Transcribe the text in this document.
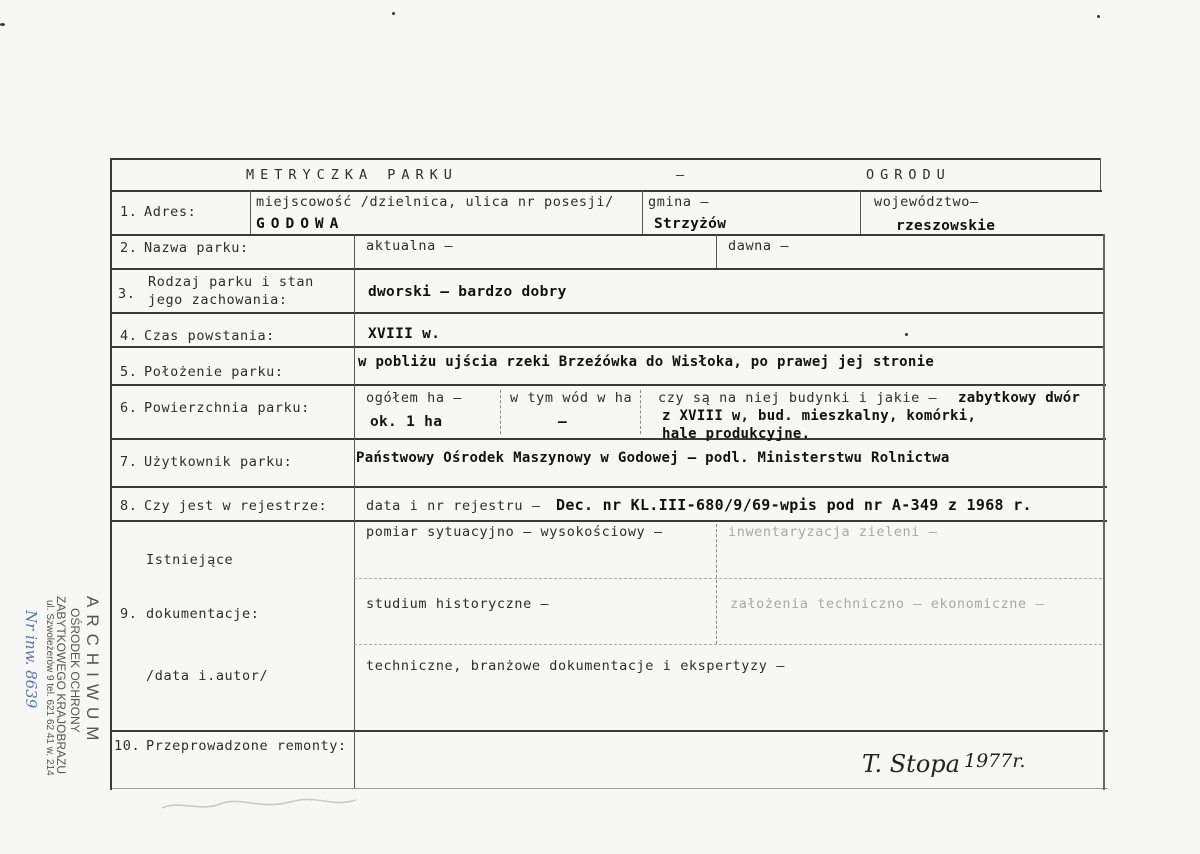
METRYCZKA PARKU	–	OGRODU
1. Adres:
miejscowość /dzielnica, ulica nr posesji/
GODOWA
gmina –
Strzyżów
województwo–
rzeszowskie
2. Nazwa parku:	aktualna –	dawna –
3.
Rodzaj parku i stan
jego zachowania:	dworski – bardzo dobry
4. Czas powstania:	XVIII w.
5. Położenie parku:
w pobliżu ujścia rzeki Brzeźówka do Wisłoka, po prawej jej stronie
6. Powierzchnia parku:
ogółem ha –
ok. 1 ha
w tym wód w ha
–
czy są na niej budynki i jakie – zabytkowy dwór
z XVIII w, bud. mieszkalny, komórki,
hale produkcyjne.
7. Użytkownik parku:	Państwowy Ośrodek Maszynowy w Godowej – podl. Ministerstwu Rolnictwa
8. Czy jest w rejestrze:	data i nr rejestru – Dec. nr KL.III-680/9/69-wpis pod nr A-349 z 1968 r.
Istniejące
9. dokumentacje:
/data i.autor/
pomiar sytuacyjno – wysokościowy –	inwentaryzacja zieleni –
studium historyczne –	założenia techniczno – ekonomiczne –
techniczne, branżowe dokumentacje i ekspertyzy –
10. Przeprowadzone remonty:
T. Stopa 1977r.
ARCHIWUM
OŚRODEK OCHRONY
ZABYTKOWEGO KRAJOBRAZU
ul. Szwoleżerów 9 tel. 621 62 41 w. 214
Nr inw. 8639
